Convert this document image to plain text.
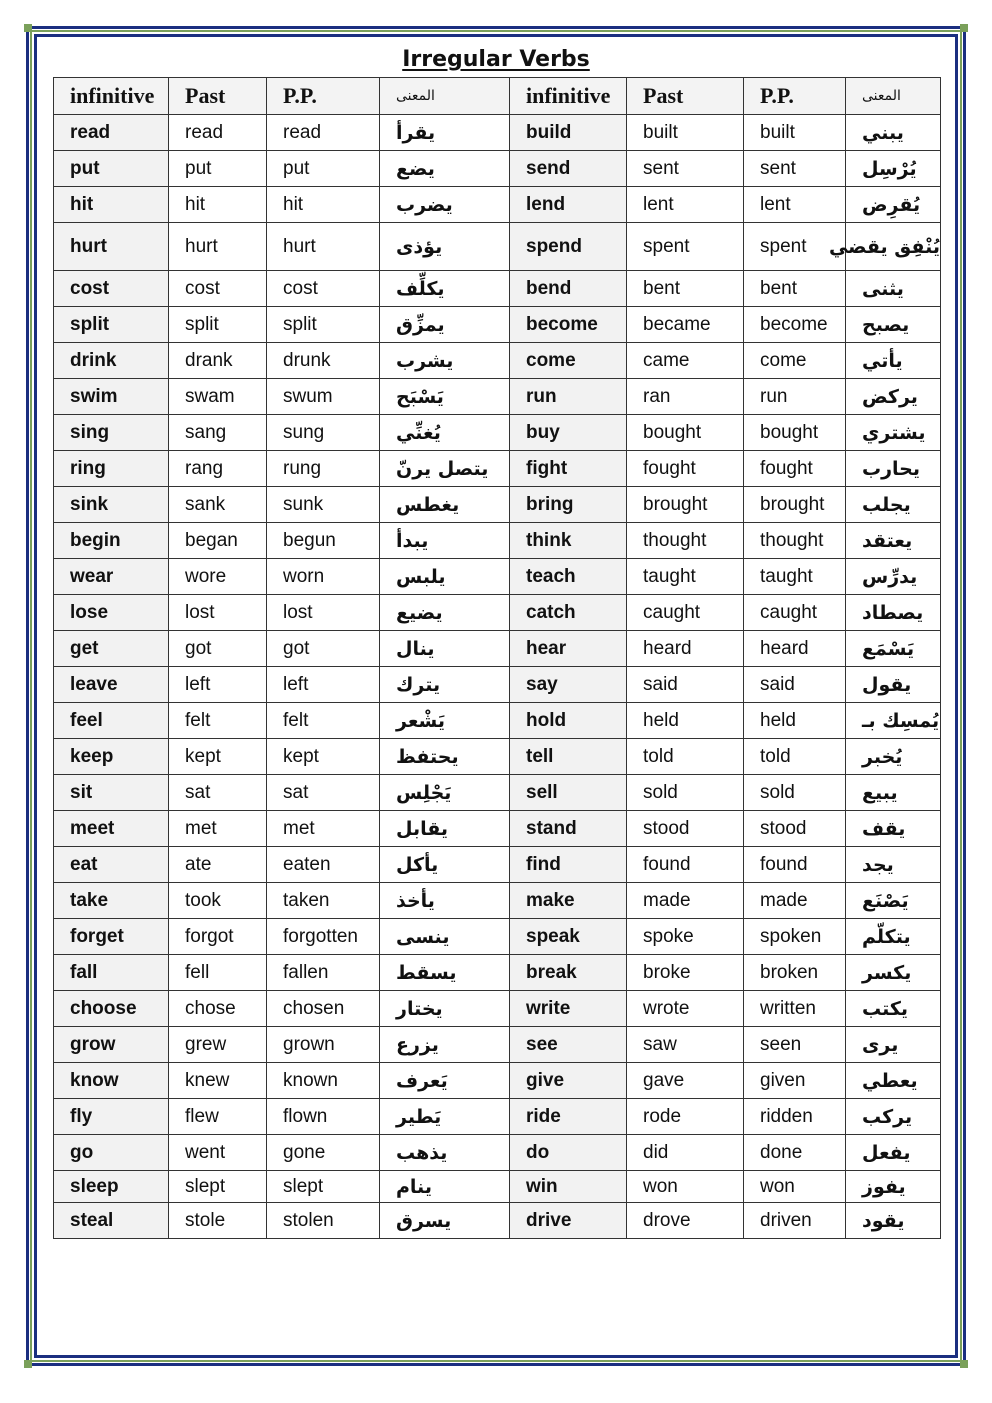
Irregular Verbs
infinitive	Past	P.P.	المعنى	infinitive	Past	P.P.	المعنى
read	read	read	يقرأ	build	built	built	يبني
put	put	put	يضع	send	sent	sent	يُرْسِل
hit	hit	hit	يضرب	lend	lent	lent	يُقرِض
hurt	hurt	hurt	يؤذى	spend	spent	spent	يُنْفِق يقضي
cost	cost	cost	يكلِّف	bend	bent	bent	يثنى
split	split	split	يمزِّق	become	became	become	يصبح
drink	drank	drunk	يشرب	come	came	come	يأتي
swim	swam	swum	يَسْبَح	run	ran	run	يركض
sing	sang	sung	يُغنِّي	buy	bought	bought	يشتري
ring	rang	rung	يتصل يرنّ	fight	fought	fought	يحارب
sink	sank	sunk	يغطس	bring	brought	brought	يجلب
begin	began	begun	يبدأ	think	thought	thought	يعتقد
wear	wore	worn	يلبس	teach	taught	taught	يدرِّس
lose	lost	lost	يضيع	catch	caught	caught	يصطاد
get	got	got	ينال	hear	heard	heard	يَسْمَع
leave	left	left	يترك	say	said	said	يقول
feel	felt	felt	يَشْعر	hold	held	held	يُمسِك بـ
keep	kept	kept	يحتفظ	tell	told	told	يُخبر
sit	sat	sat	يَجْلِس	sell	sold	sold	يبيع
meet	met	met	يقابل	stand	stood	stood	يقف
eat	ate	eaten	يأكل	find	found	found	يجد
take	took	taken	يأخذ	make	made	made	يَصْنَع
forget	forgot	forgotten	ينسى	speak	spoke	spoken	يتكلّم
fall	fell	fallen	يسقط	break	broke	broken	يكسر
choose	chose	chosen	يختار	write	wrote	written	يكتب
grow	grew	grown	يزرع	see	saw	seen	يرى
know	knew	known	يَعرف	give	gave	given	يعطي
fly	flew	flown	يَطير	ride	rode	ridden	يركب
go	went	gone	يذهب	do	did	done	يفعل
sleep	slept	slept	ينام	win	won	won	يفوز
steal	stole	stolen	يسرق	drive	drove	driven	يقود
